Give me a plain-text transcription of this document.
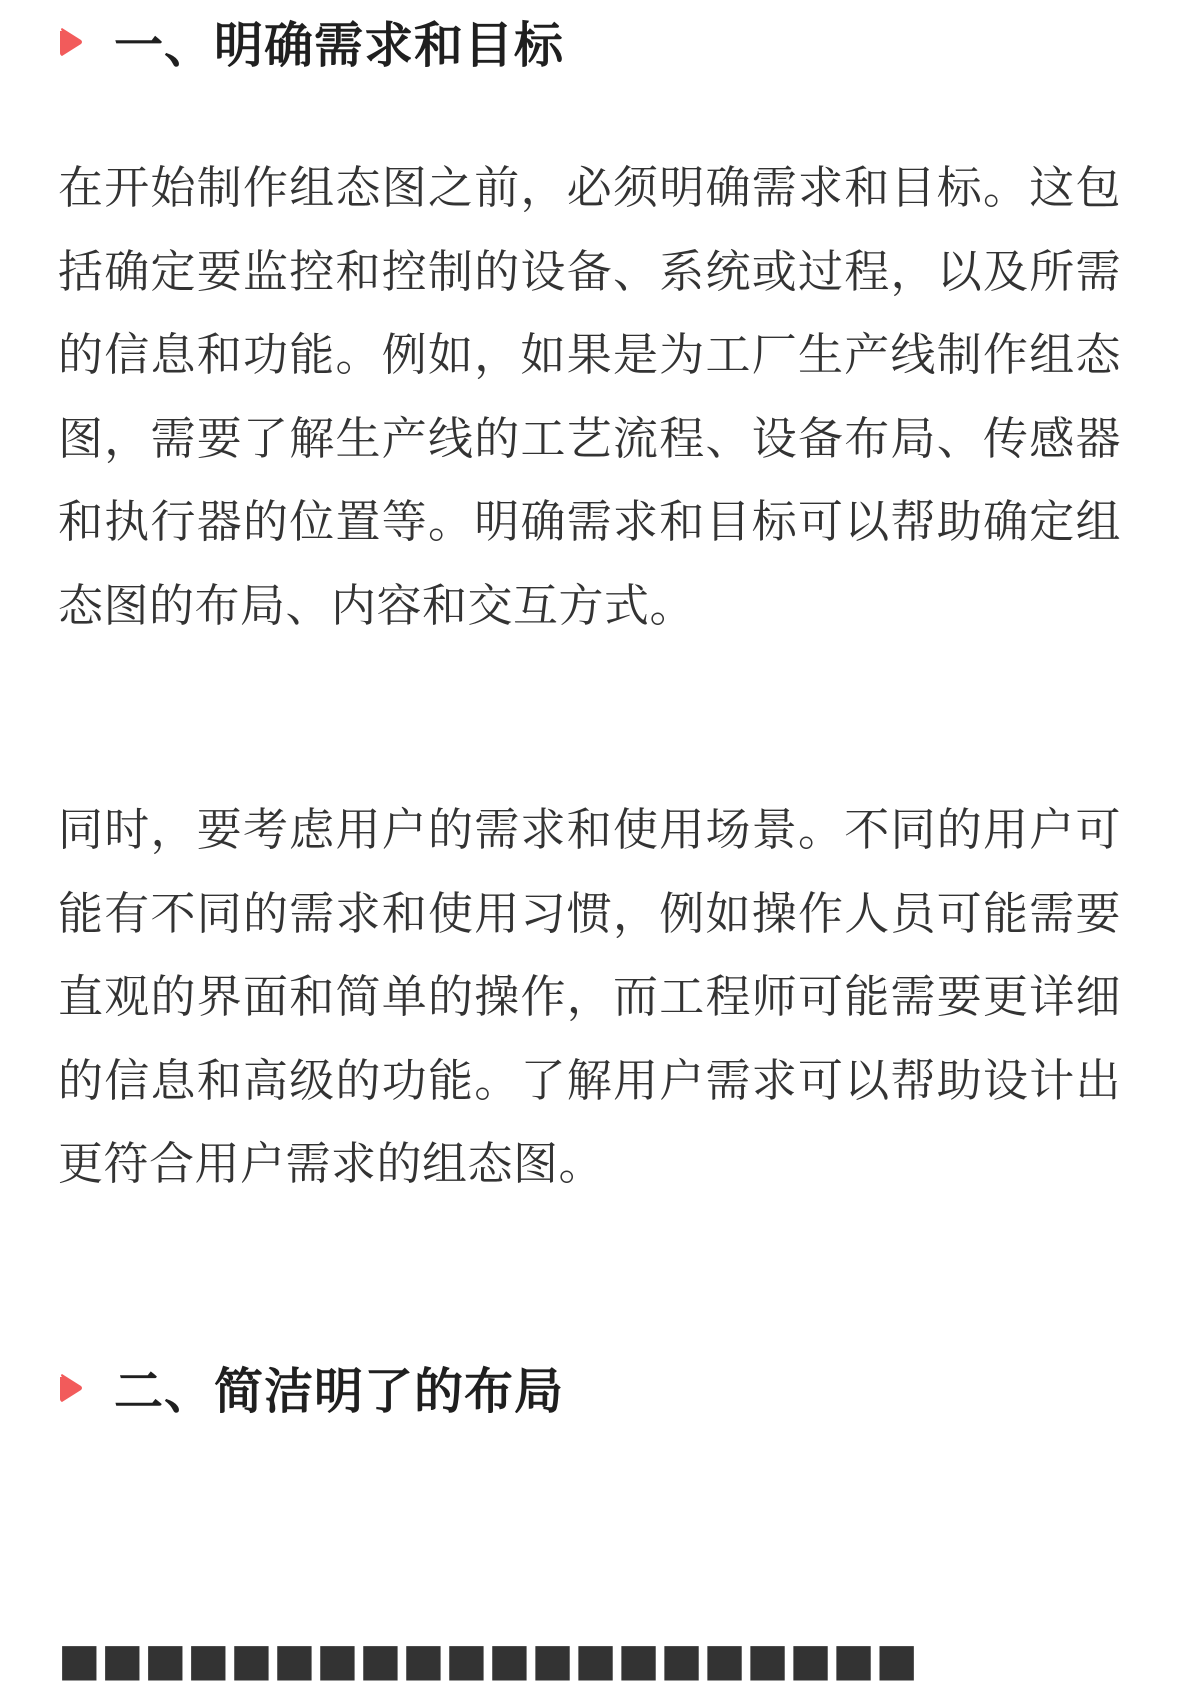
一、明确需求和目标

在开始制作组态图之前，必须明确需求和目标。这包括确定要监控和控制的设备、系统或过程，以及所需的信息和功能。例如，如果是为工厂生产线制作组态图，需要了解生产线的工艺流程、设备布局、传感器和执行器的位置等。明确需求和目标可以帮助确定组态图的布局、内容和交互方式。

同时，要考虑用户的需求和使用场景。不同的用户可能有不同的需求和使用习惯，例如操作人员可能需要直观的界面和简单的操作，而工程师可能需要更详细的信息和高级的功能。了解用户需求可以帮助设计出更符合用户需求的组态图。

二、简洁明了的布局
■■■■■■■■■■■■■■■■■■■■
